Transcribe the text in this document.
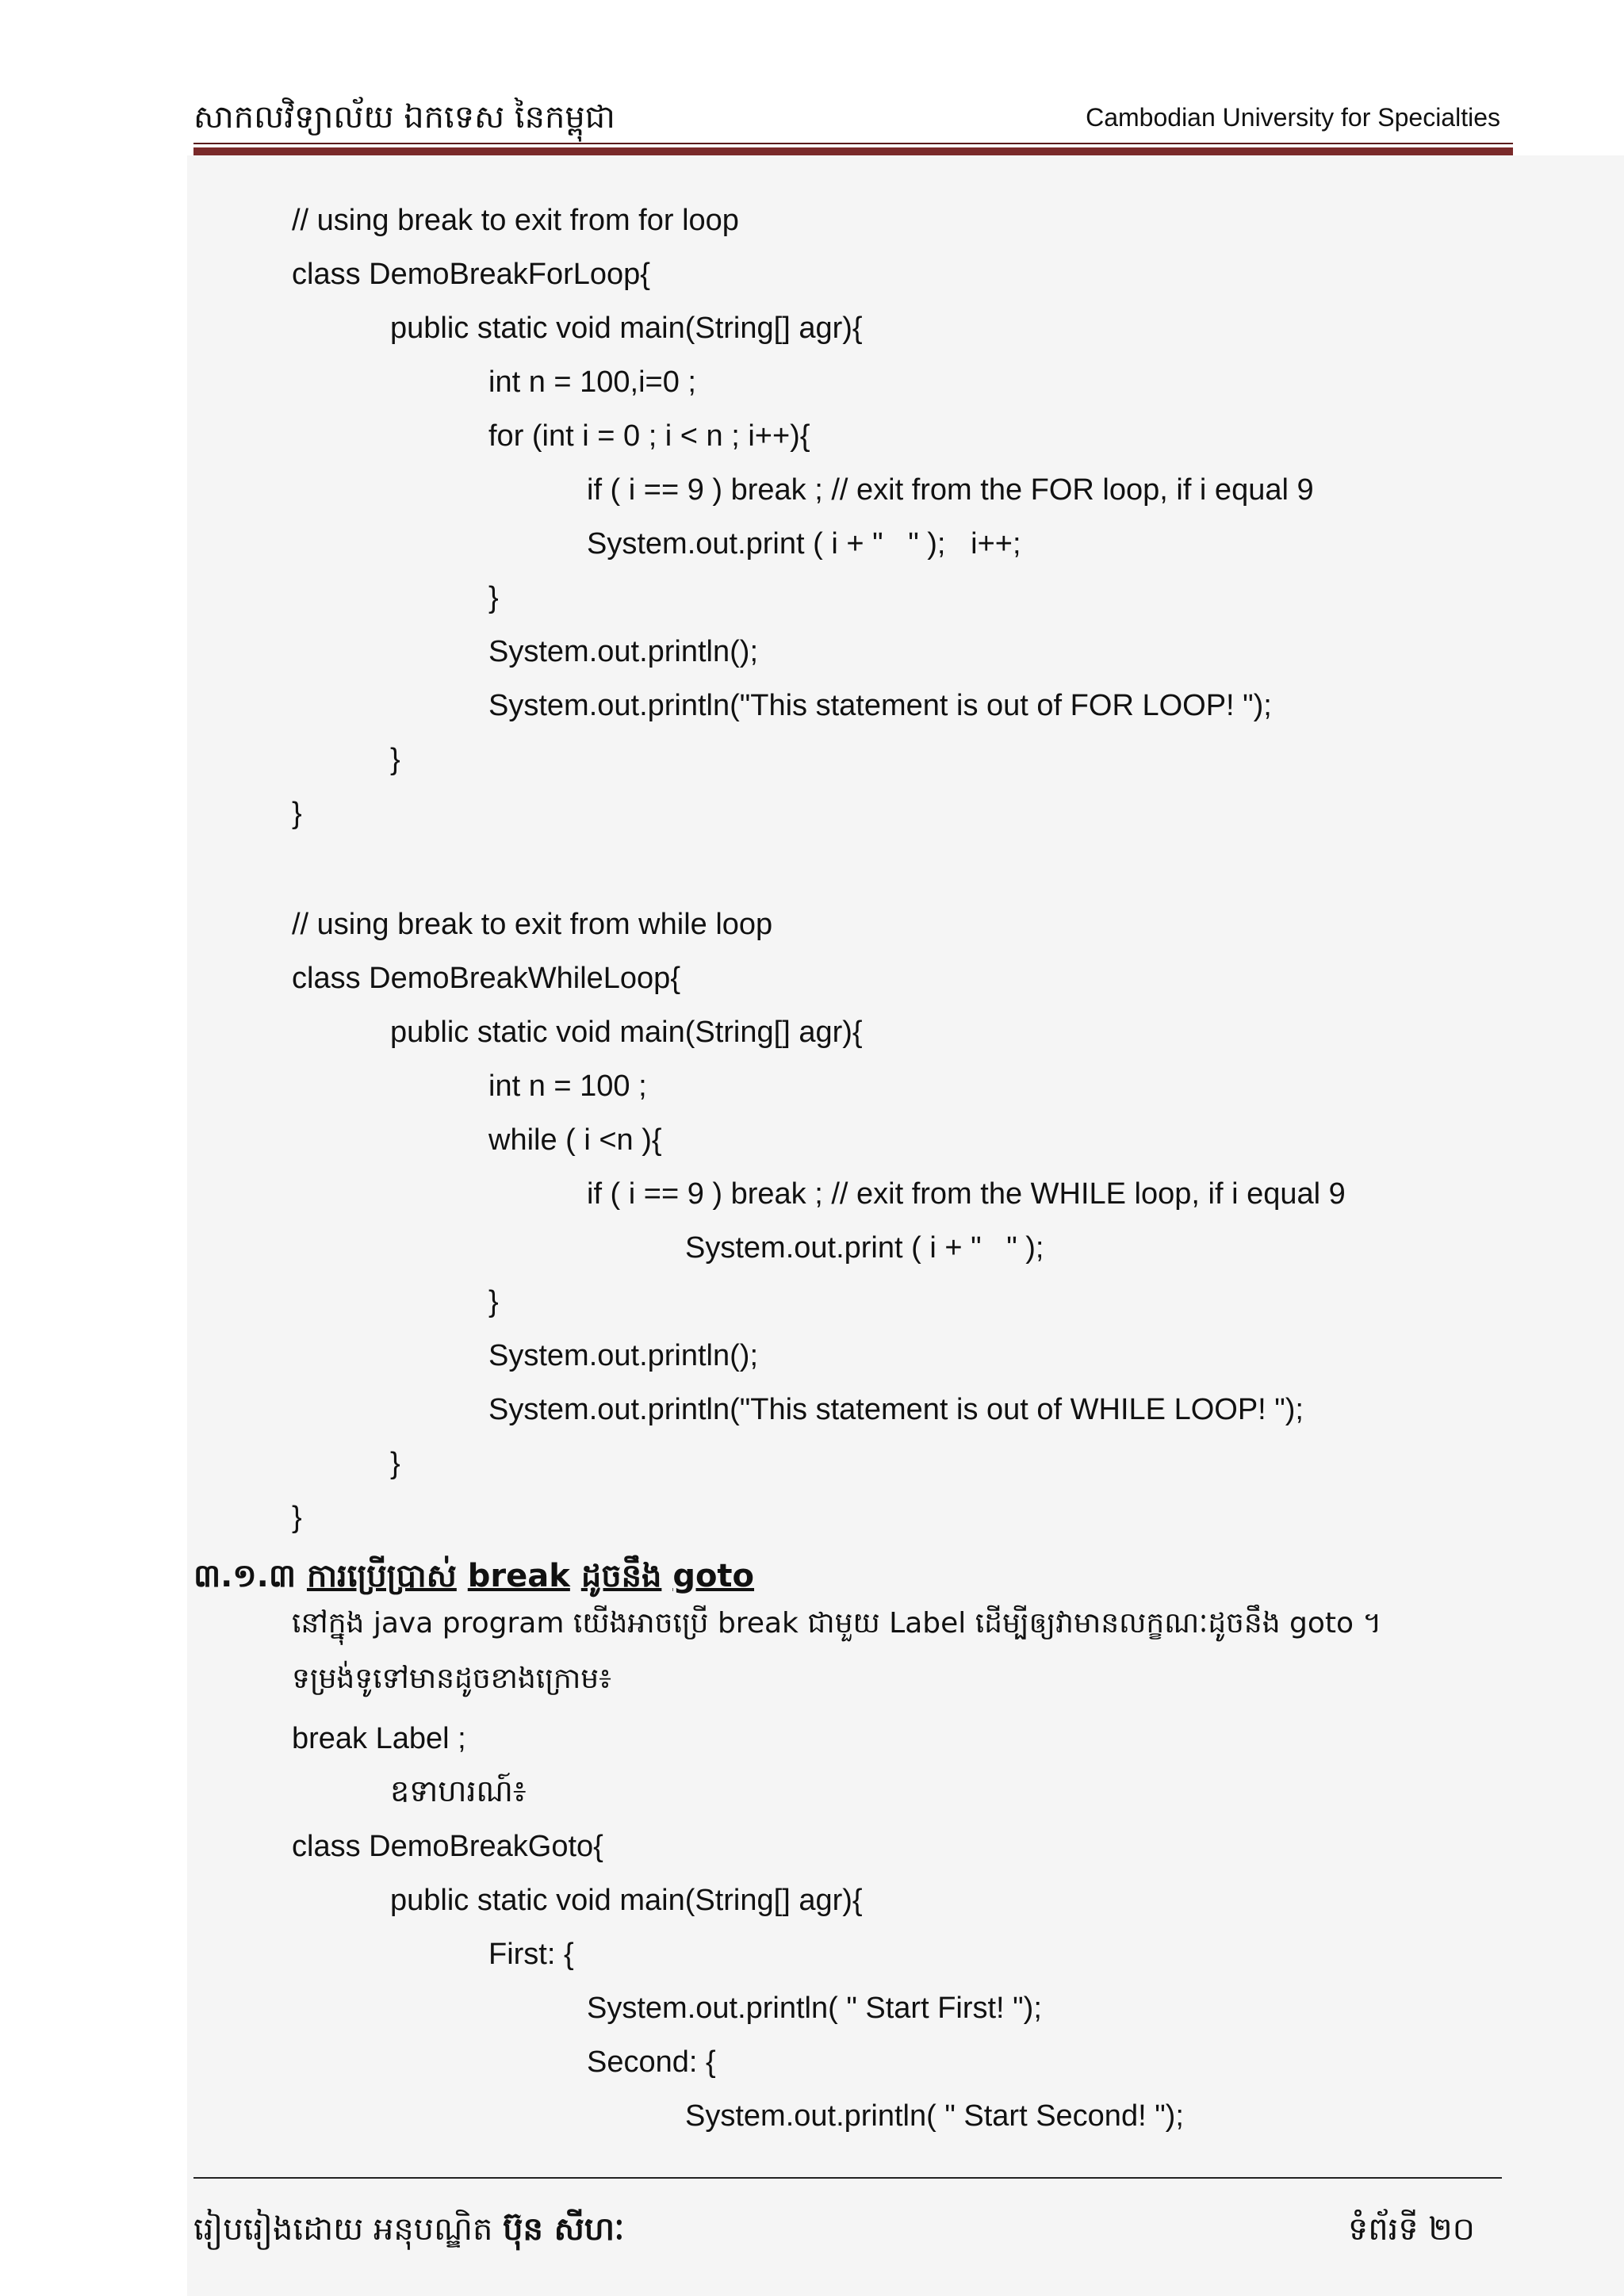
សាកលវិទ្យាល័យ ឯកទេស នៃកម្ពុជា	Cambodian University for Specialties
// using break to exit from for loop
class DemoBreakForLoop{
public static void main(String[] agr){
int n = 100,i=0 ;
for (int i = 0 ; i < n ; i++){
if ( i == 9 ) break ; // exit from the FOR loop, if i equal 9
System.out.print ( i + "   " );   i++;
}
System.out.println();
System.out.println("This statement is out of FOR LOOP! ");
}
}
// using break to exit from while loop
class DemoBreakWhileLoop{
public static void main(String[] agr){
int n = 100 ;
while ( i <n ){
if ( i == 9 ) break ; // exit from the WHILE loop, if i equal 9
System.out.print ( i + "   " );
}
System.out.println();
System.out.println("This statement is out of WHILE LOOP! ");
}
}
៣.១.៣ ការប្រើប្រាស់ break ដូចនឹង goto
នៅក្នុង java program យើងអាចប្រើ break ជាមួយ Label ដើម្បីឲ្យវាមានលក្ខណៈដូចនឹង goto ។
ទម្រង់ទូទៅមានដូចខាងក្រោម៖
break Label ;
ឧទាហរណ៍៖
class DemoBreakGoto{
public static void main(String[] agr){
First: {
System.out.println( " Start First! ");
Second: {
System.out.println( " Start Second! ");
រៀបរៀងដោយ អនុបណ្ឌិត ប៊ុន សីហៈ	ទំព័រទី ២០
